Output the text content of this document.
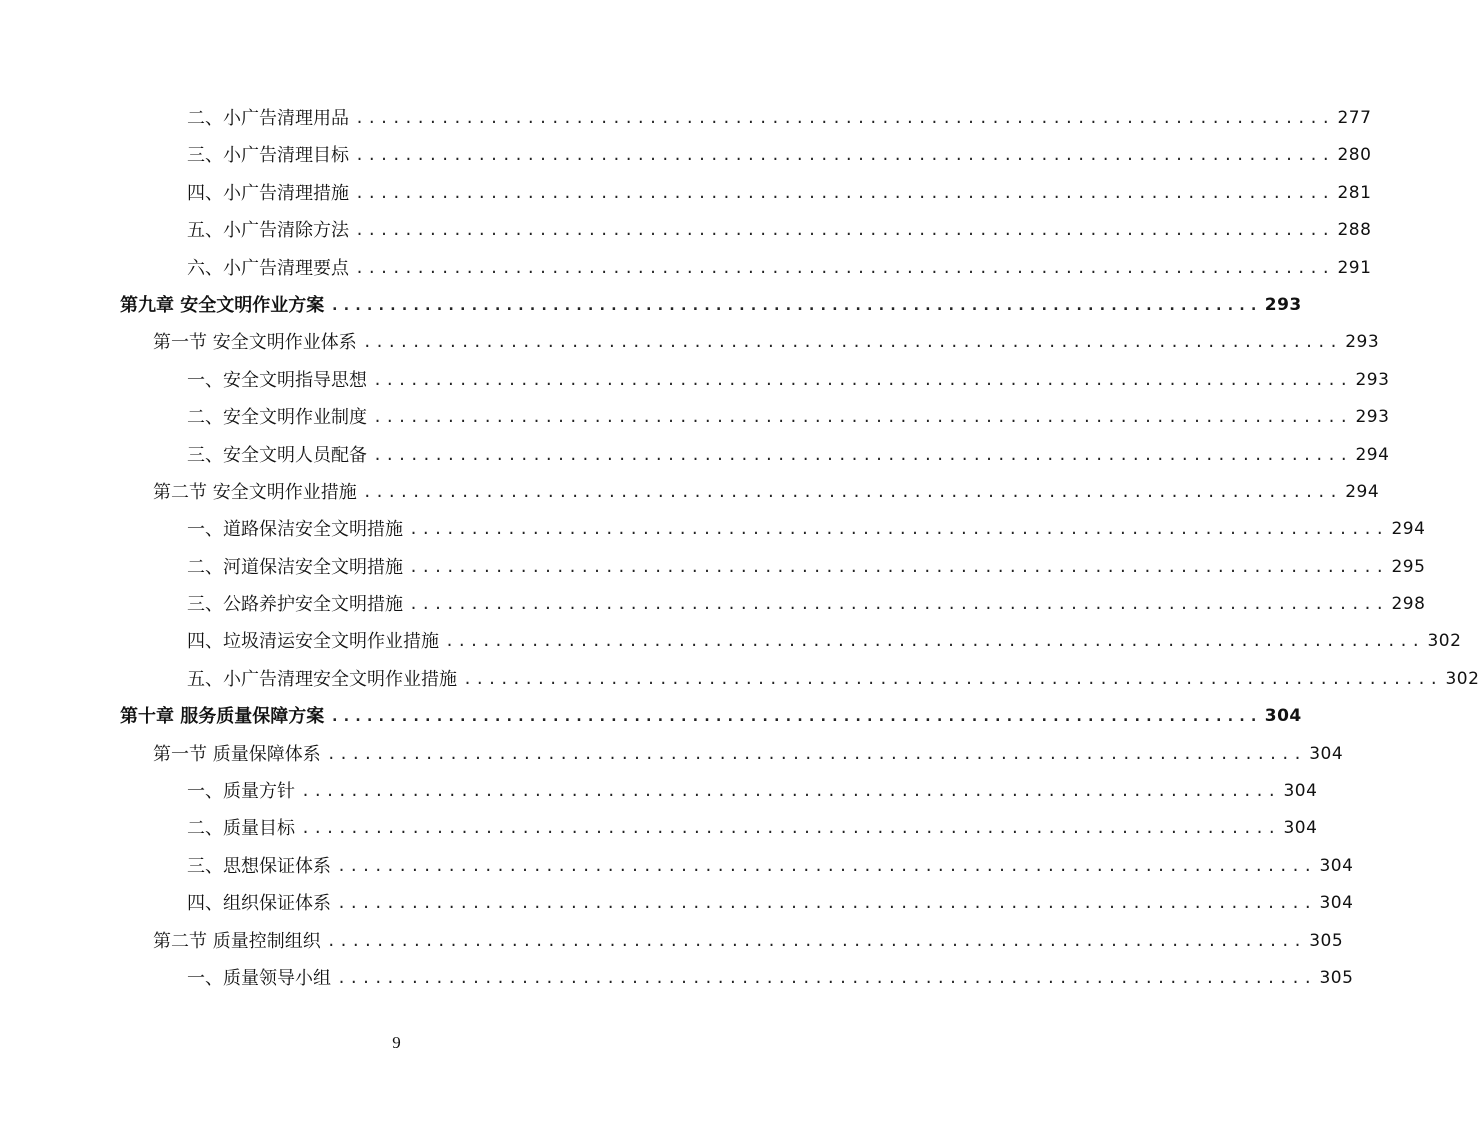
二、小广告清理用品 ................................................................................ 277
三、小广告清理目标 ................................................................................ 280
四、小广告清理措施 ................................................................................ 281
五、小广告清除方法 ................................................................................ 288
六、小广告清理要点 ................................................................................ 291
第九章 安全文明作业方案 ................................................................................ 293
第一节 安全文明作业体系 ................................................................................ 293
一、安全文明指导思想 ................................................................................ 293
二、安全文明作业制度 ................................................................................ 293
三、安全文明人员配备 ................................................................................ 294
第二节 安全文明作业措施 ................................................................................ 294
一、道路保洁安全文明措施 ................................................................................ 294
二、河道保洁安全文明措施 ................................................................................ 295
三、公路养护安全文明措施 ................................................................................ 298
四、垃圾清运安全文明作业措施 ................................................................................ 302
五、小广告清理安全文明作业措施 ................................................................................ 302
第十章 服务质量保障方案 ................................................................................ 304
第一节 质量保障体系 ................................................................................ 304
一、质量方针 ................................................................................ 304
二、质量目标 ................................................................................ 304
三、思想保证体系 ................................................................................ 304
四、组织保证体系 ................................................................................ 304
第二节 质量控制组织 ................................................................................ 305
一、质量领导小组 ................................................................................ 305
9
